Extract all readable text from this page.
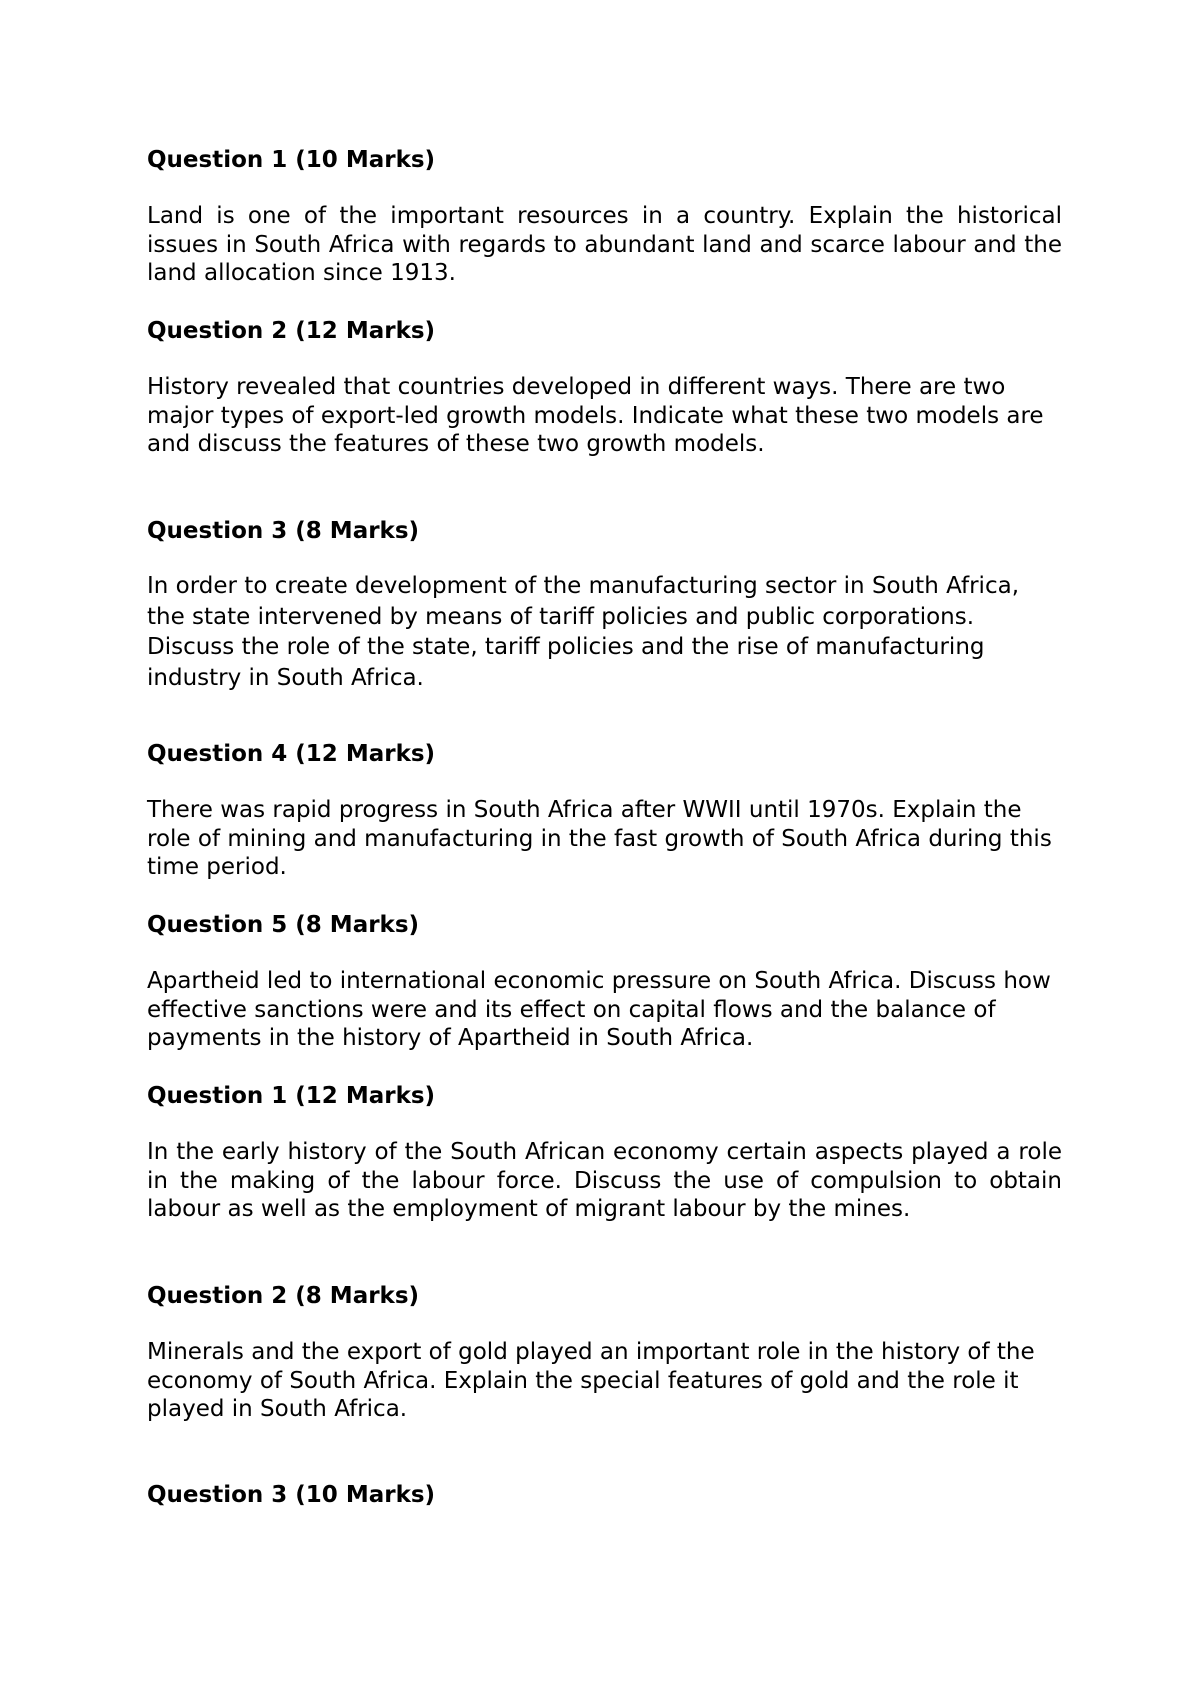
Question 1 (10 Marks)

Land is one of the important resources in a country. Explain the historical issues in South Africa with regards to abundant land and scarce labour and the land allocation since 1913.

Question 2 (12 Marks)

History revealed that countries developed in different ways. There are two major types of export-led growth models. Indicate what these two models are and discuss the features of these two growth models.

Question 3 (8 Marks)

In order to create development of the manufacturing sector in South Africa, the state intervened by means of tariff policies and public corporations. Discuss the role of the state, tariff policies and the rise of manufacturing industry in South Africa.

Question 4 (12 Marks)

There was rapid progress in South Africa after WWII until 1970s. Explain the role of mining and manufacturing in the fast growth of South Africa during this time period.

Question 5 (8 Marks)

Apartheid led to international economic pressure on South Africa. Discuss how effective sanctions were and its effect on capital flows and the balance of payments in the history of Apartheid in South Africa.

Question 1 (12 Marks)

In the early history of the South African economy certain aspects played a role in the making of the labour force. Discuss the use of compulsion to obtain labour as well as the employment of migrant labour by the mines.

Question 2 (8 Marks)

Minerals and the export of gold played an important role in the history of the economy of South Africa. Explain the special features of gold and the role it played in South Africa.

Question 3 (10 Marks)
